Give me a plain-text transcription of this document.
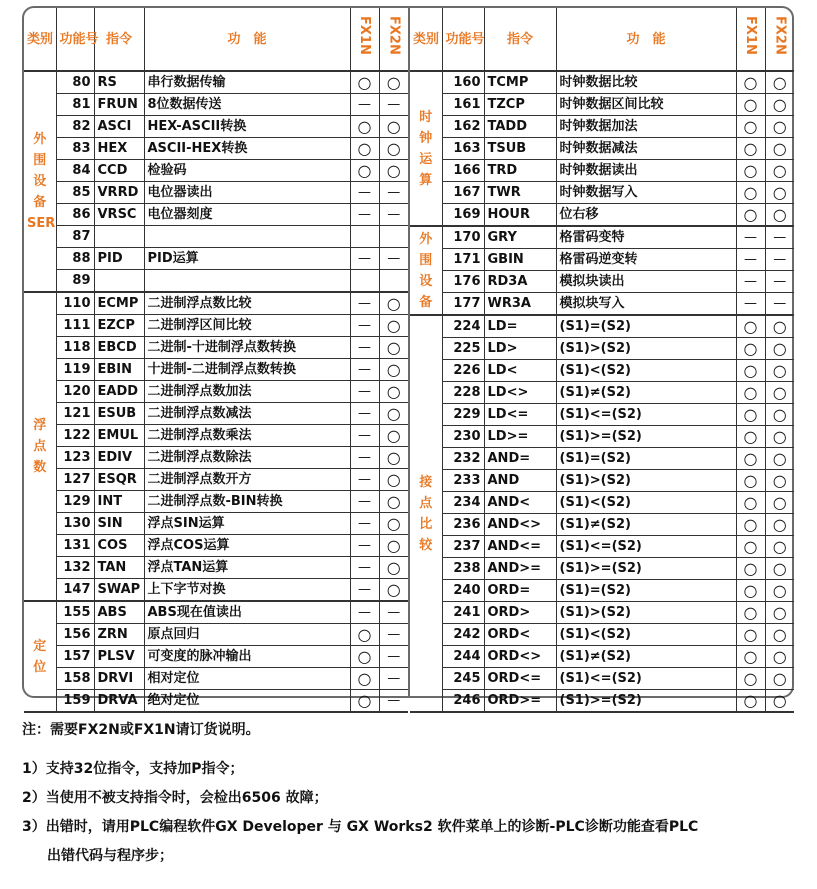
类别	功能号	指令	功　能	FX1N	FX2N
外围设备SER	80	RS	串行数据传输	○	○
	81	FRUN	8位数据传送	—	—
	82	ASCI	HEX-ASCII转换	○	○
	83	HEX	ASCII-HEX转换	○	○
	84	CCD	检验码	○	○
	85	VRRD	电位器读出	—	—
	86	VRSC	电位器刻度	—	—
	87				
	88	PID	PID运算	—	—
	89				
浮点数	110	ECMP	二进制浮点数比较	—	○
	111	EZCP	二进制浮区间比较	—	○
	118	EBCD	二进制-十进制浮点数转换	—	○
	119	EBIN	十进制-二进制浮点数转换	—	○
	120	EADD	二进制浮点数加法	—	○
	121	ESUB	二进制浮点数减法	—	○
	122	EMUL	二进制浮点数乘法	—	○
	123	EDIV	二进制浮点数除法	—	○
	127	ESQR	二进制浮点数开方	—	○
	129	INT	二进制浮点数-BIN转换	—	○
	130	SIN	浮点SIN运算	—	○
	131	COS	浮点COS运算	—	○
	132	TAN	浮点TAN运算	—	○
	147	SWAP	上下字节对换	—	○
定位	155	ABS	ABS现在值读出	—	—
	156	ZRN	原点回归	○	—
	157	PLSV	可变度的脉冲输出	○	—
	158	DRVI	相对定位	○	—
	159	DRVA	绝对定位	○	—
类别	功能号	指令	功　能	FX1N	FX2N
时钟运算	160	TCMP	时钟数据比较	○	○
	161	TZCP	时钟数据区间比较	○	○
	162	TADD	时钟数据加法	○	○
	163	TSUB	时钟数据减法	○	○
	166	TRD	时钟数据读出	○	○
	167	TWR	时钟数据写入	○	○
	169	HOUR	位右移	○	○
外围设备	170	GRY	格雷码变特	—	—
	171	GBIN	格雷码逆变转	—	—
	176	RD3A	模拟块读出	—	—
	177	WR3A	模拟块写入	—	—
接点比较	224	LD=	(S1)=(S2)	○	○
	225	LD>	(S1)>(S2)	○	○
	226	LD<	(S1)<(S2)	○	○
	228	LD<>	(S1)≠(S2)	○	○
	229	LD<=	(S1)<=(S2)	○	○
	230	LD>=	(S1)>=(S2)	○	○
	232	AND=	(S1)=(S2)	○	○
	233	AND	(S1)>(S2)	○	○
	234	AND<	(S1)<(S2)	○	○
	236	AND<>	(S1)≠(S2)	○	○
	237	AND<=	(S1)<=(S2)	○	○
	238	AND>=	(S1)>=(S2)	○	○
	240	ORD=	(S1)=(S2)	○	○
	241	ORD>	(S1)>(S2)	○	○
	242	ORD<	(S1)<(S2)	○	○
	244	ORD<>	(S1)≠(S2)	○	○
	245	ORD<=	(S1)<=(S2)	○	○
	246	ORD>=	(S1)>=(S2)	○	○
注：需要FX2N或FX1N请订货说明。
1）支持32位指令，支持加P指令；
2）当使用不被支持指令时，会检出6506 故障；
3）出错时，请用PLC编程软件GX Developer 与 GX Works2 软件菜单上的诊断-PLC诊断功能查看PLC
出错代码与程序步；
